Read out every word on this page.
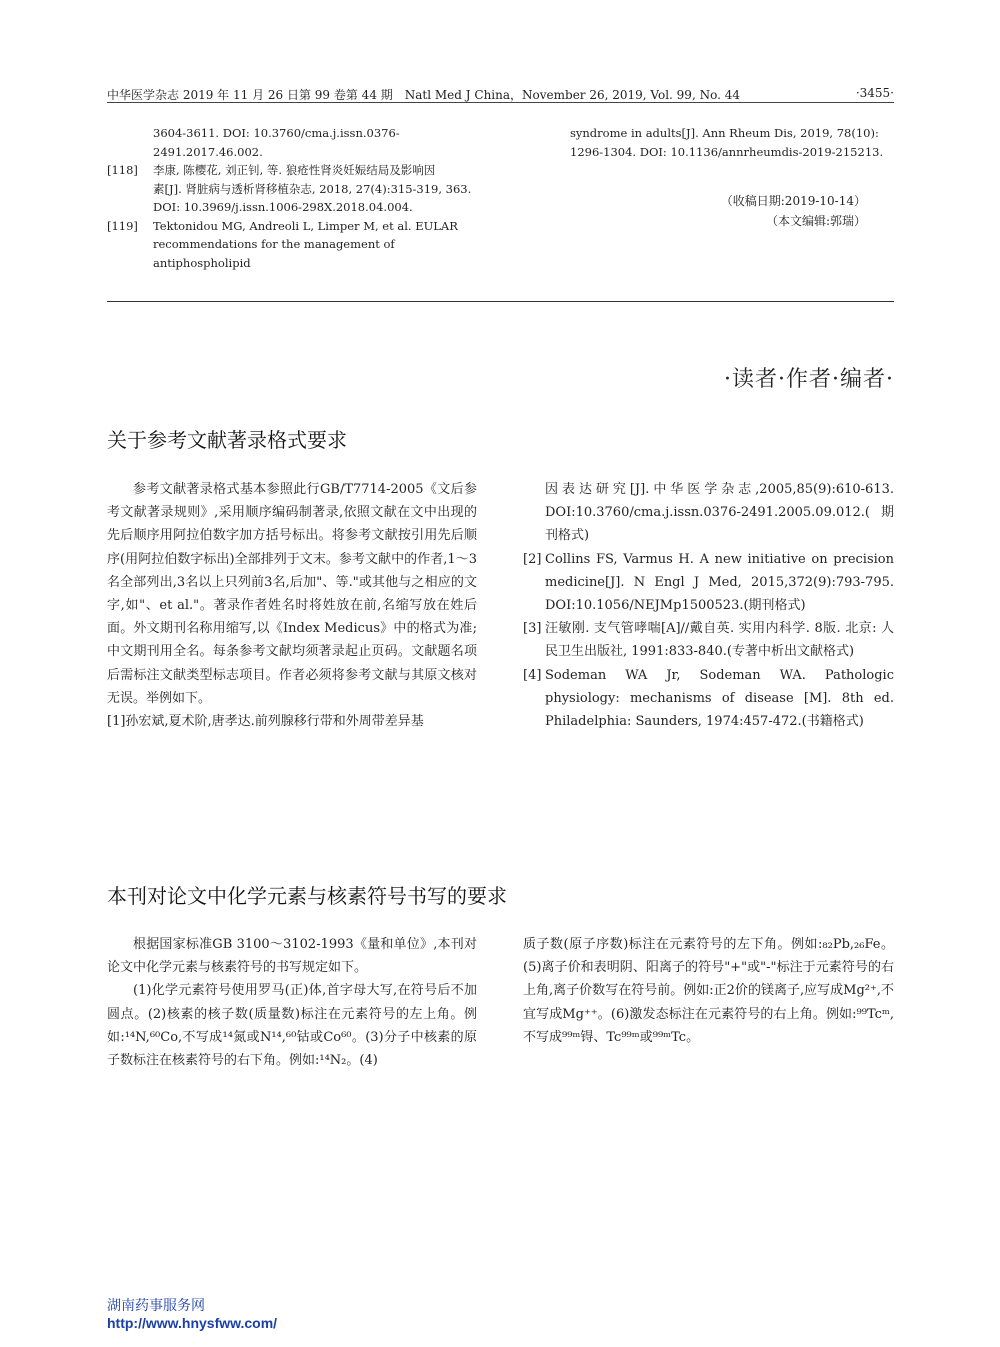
中华医学杂志 2019 年 11 月 26 日第 99 卷第 44 期　Natl Med J China，November 26, 2019, Vol. 99, No. 44	·3455·
3604-3611. DOI: 10.3760/cma.j.issn.0376-2491.2017.46.002.
[118]	李康, 陈樱花, 刘正钊, 等. 狼疮性肾炎妊娠结局及影响因
素[J]. 肾脏病与透析肾移植杂志, 2018, 27(4):315-319, 363.
DOI: 10.3969/j.issn.1006-298X.2018.04.004.
[119]	Tektonidou MG, Andreoli L, Limper M, et al. EULAR
recommendations for the management of antiphospholipid
syndrome in adults[J]. Ann Rheum Dis, 2019, 78(10):
1296-1304. DOI: 10.1136/annrheumdis-2019-215213.
（收稿日期:2019-10-14）
（本文编辑:郭瑞）
·读者·作者·编者·
关于参考文献著录格式要求

参考文献著录格式基本参照此行GB/T7714-2005《文后参考文献著录规则》,采用顺序编码制著录,依照文献在文中出现的先后顺序用阿拉伯数字加方括号标出。将参考文献按引用先后顺序(用阿拉伯数字标出)全部排列于文末。参考文献中的作者,1～3名全部列出,3名以上只列前3名,后加"、等."或其他与之相应的文字,如"、et al."。著录作者姓名时将姓放在前,名缩写放在姓后面。外文期刊名称用缩写,以《Index Medicus》中的格式为准;中文期刊用全名。每条参考文献均须著录起止页码。文献题名项后需标注文献类型标志项目。作者必须将参考文献与其原文核对无误。举例如下。

[1]孙宏斌,夏术阶,唐孝达.前列腺移行带和外周带差异基

因表达研究[J].中华医学杂志,2005,85(9):610-613. DOI:10.3760/cma.j.issn.0376-2491.2005.09.012.(期刊格式)

[2] Collins FS, Varmus H. A new initiative on precision medicine[J]. N Engl J Med, 2015,372(9):793-795. DOI:10.1056/NEJMp1500523.(期刊格式)
[3] 汪敏刚. 支气管哮喘[A]//戴自英. 实用内科学. 8版. 北京: 人民卫生出版社, 1991:833-840.(专著中析出文献格式)
[4] Sodeman WA Jr, Sodeman WA. Pathologic physiology: mechanisms of disease [M]. 8th ed. Philadelphia: Saunders, 1974:457-472.(书籍格式)
本刊对论文中化学元素与核素符号书写的要求

根据国家标准GB 3100～3102-1993《量和单位》,本刊对论文中化学元素与核素符号的书写规定如下。

(1)化学元素符号使用罗马(正)体,首字母大写,在符号后不加圆点。(2)核素的核子数(质量数)标注在元素符号的左上角。例如:¹⁴N,⁶⁰Co,不写成¹⁴氮或N¹⁴,⁶⁰钴或Co⁶⁰。(3)分子中核素的原子数标注在核素符号的右下角。例如:¹⁴N₂。(4)

质子数(原子序数)标注在元素符号的左下角。例如:₈₂Pb,₂₆Fe。(5)离子价和表明阴、阳离子的符号"+"或"-"标注于元素符号的右上角,离子价数写在符号前。例如:正2价的镁离子,应写成Mg²⁺,不宜写成Mg⁺⁺。(6)激发态标注在元素符号的右上角。例如:⁹⁹Tcᵐ,不写成⁹⁹ᵐ锝、Tc⁹⁹ᵐ或⁹⁹ᵐTc。

湖南药事服务网
http://www.hnysfww.com/
